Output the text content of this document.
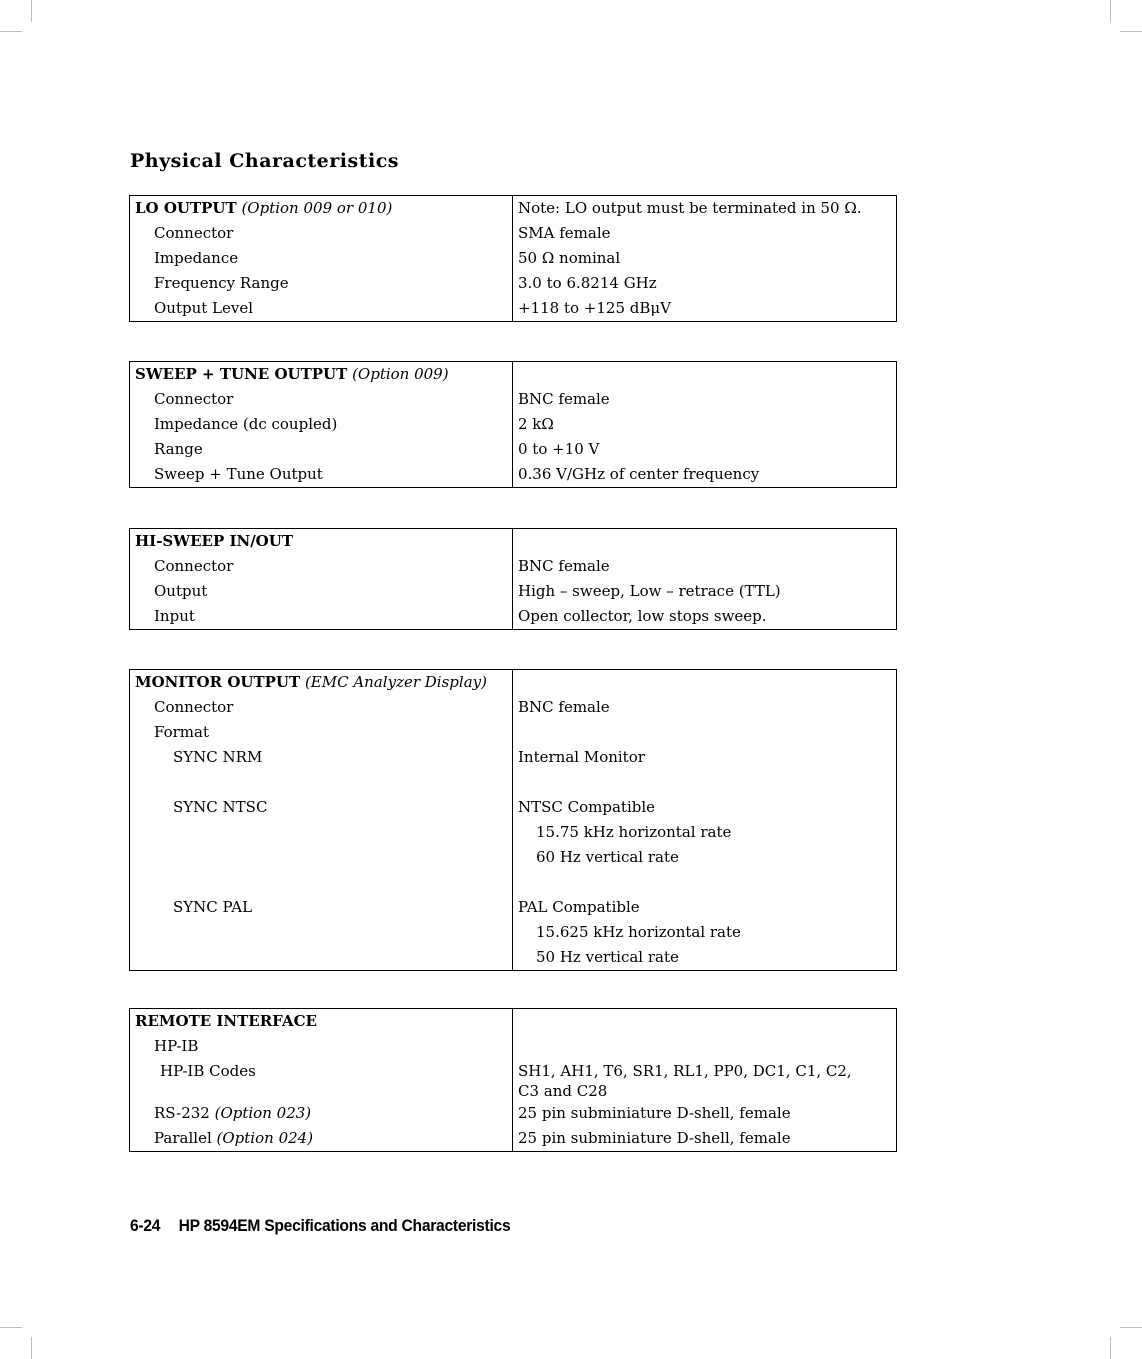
Physical Characteristics
LO OUTPUT (Option 009 or 010)	Note: LO output must be terminated in 50 Ω.
Connector	SMA female
Impedance	50 Ω nominal
Frequency Range	3.0 to 6.8214 GHz
Output Level	+118 to +125 dBμV
SWEEP + TUNE OUTPUT (Option 009)	
Connector	BNC female
Impedance (dc coupled)	2 kΩ
Range	0 to +10 V
Sweep + Tune Output	0.36 V/GHz of center frequency
HI-SWEEP IN/OUT	
Connector	BNC female
Output	High – sweep, Low – retrace (TTL)
Input	Open collector, low stops sweep.
MONITOR OUTPUT (EMC Analyzer Display)	
Connector	BNC female
Format	
SYNC NRM	Internal Monitor

SYNC NTSC	NTSC Compatible
	15.75 kHz horizontal rate
	60 Hz vertical rate

SYNC PAL	PAL Compatible
	15.625 kHz horizontal rate
	50 Hz vertical rate
REMOTE INTERFACE	
HP-IB	
HP-IB Codes	SH1, AH1, T6, SR1, RL1, PP0, DC1, C1, C2, C3 and C28
RS-232 (Option 023)	25 pin subminiature D-shell, female
Parallel (Option 024)	25 pin subminiature D-shell, female
6-24 HP 8594EM Specifications and Characteristics
